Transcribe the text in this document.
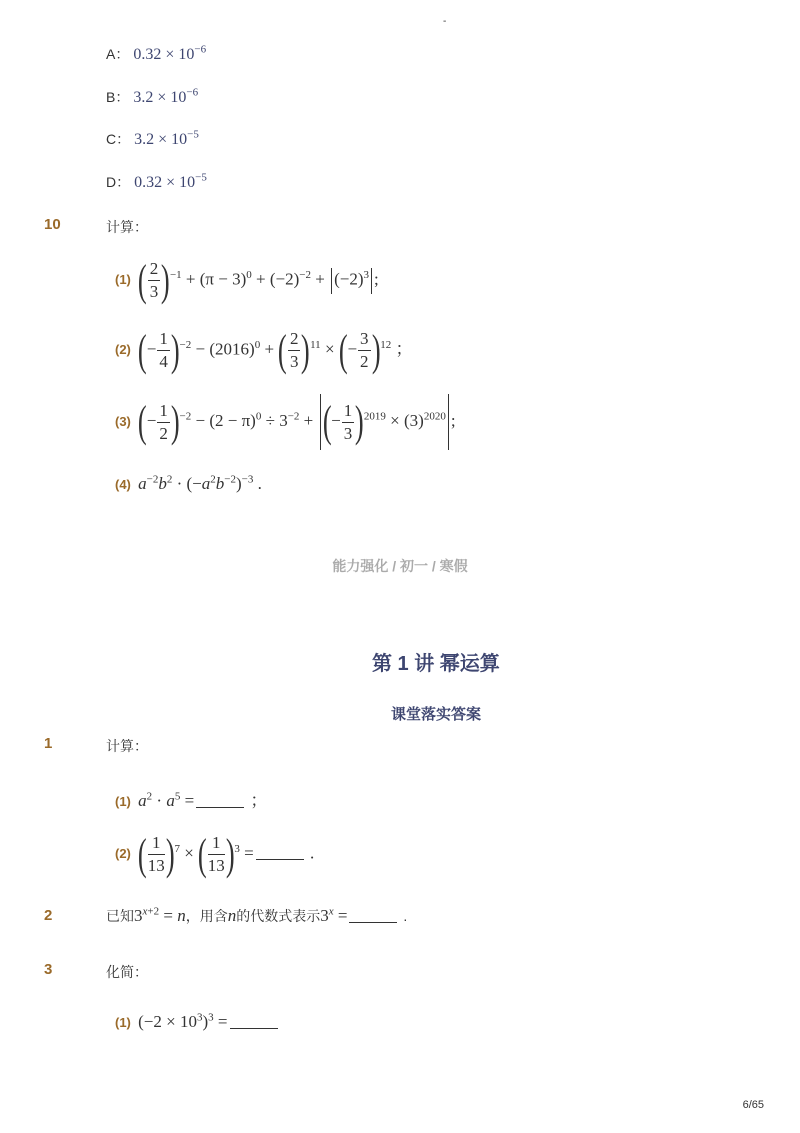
-
A： $0.32 \times 10^{-6}$
B： $3.2 \times 10^{-6}$
C： $3.2 \times 10^{-5}$
D： $0.32 \times 10^{-5}$
10	计算：
(1) ( $\frac{2}{3} )^{-1} + (\pi - 3)^0 + (-2)^{-2} + (-2)^3$ ;
(2) (− $\frac{1}{4} )^{-2} - (2016)^0$ + ( $\frac{2}{3} )^{11}$ × (− $\frac{3}{2} )^{12}$ ；
(3) (− $\frac{1}{2} )^{-2} - (2 - \pi)^0 \div 3^{-2}$ + (− $\frac{1}{3} )^{2019} \times (3)^{2020}$ ;
(4) $a^{-2}b^2 \cdot (-a^2b^{-2})^{-3}$ .
能力强化 / 初一 / 寒假
第 1 讲 幂运算
课堂落实答案
1	计算：
(1) $a^2 \cdot a^5$ =	；
(2) ( $\frac{1}{13} )^7$ × ( $\frac{1}{13} )^3$ =	.
2	已知$3^{x+2} = n$，用含n的代数式表示$3^x$ =	.
3	化简：
(1) $(-2 \times 10^3)^3$ =
6/65
